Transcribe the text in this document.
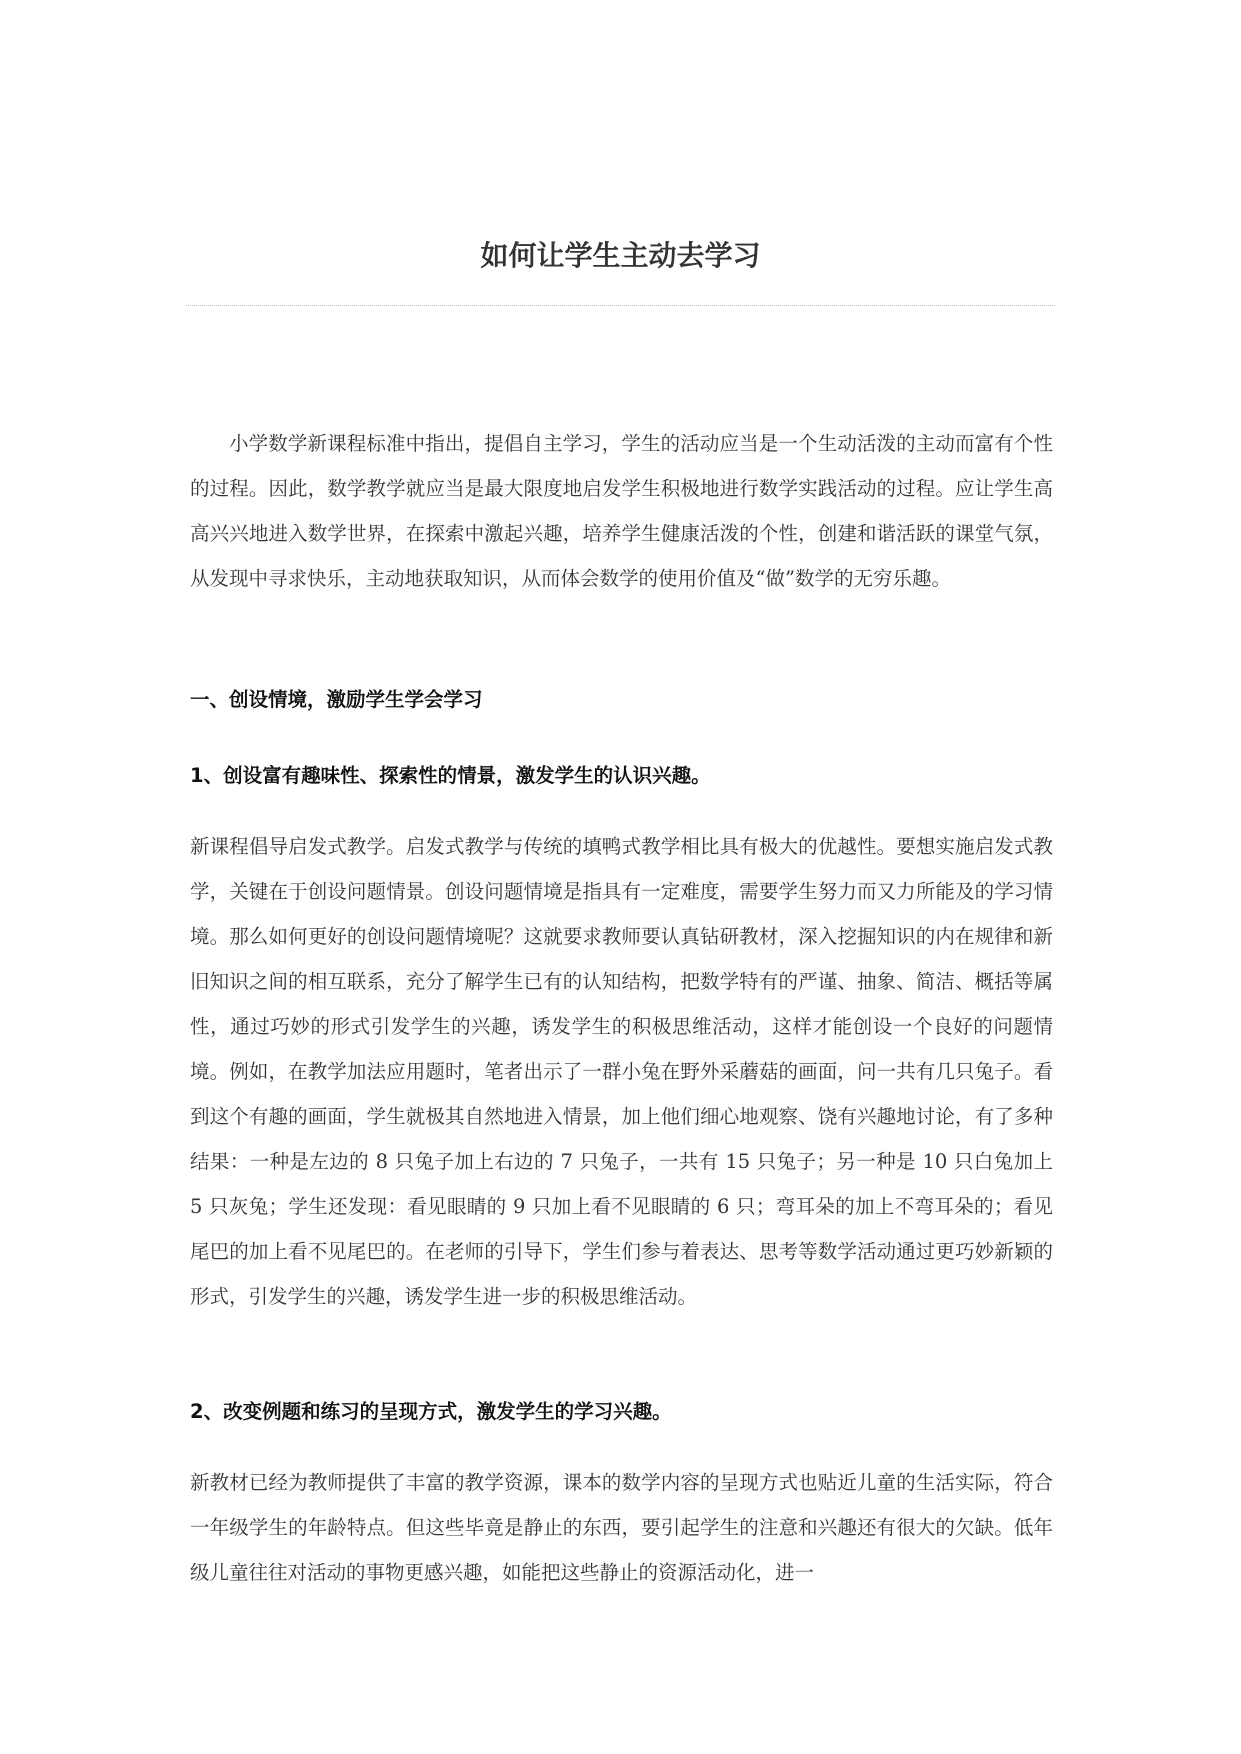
如何让学生主动去学习

小学数学新课程标准中指出，提倡自主学习，学生的活动应当是一个生动活泼的主动而富有个性的过程。因此，数学教学就应当是最大限度地启发学生积极地进行数学实践活动的过程。应让学生高高兴兴地进入数学世界，在探索中激起兴趣，培养学生健康活泼的个性，创建和谐活跃的课堂气氛，从发现中寻求快乐，主动地获取知识，从而体会数学的使用价值及“做”数学的无穷乐趣。

一、创设情境，激励学生学会学习

1、创设富有趣味性、探索性的情景，激发学生的认识兴趣。

新课程倡导启发式教学。启发式教学与传统的填鸭式教学相比具有极大的优越性。要想实施启发式教学，关键在于创设问题情景。创设问题情境是指具有一定难度，需要学生努力而又力所能及的学习情境。那么如何更好的创设问题情境呢？这就要求教师要认真钻研教材，深入挖掘知识的内在规律和新旧知识之间的相互联系，充分了解学生已有的认知结构，把数学特有的严谨、抽象、简洁、概括等属性，通过巧妙的形式引发学生的兴趣，诱发学生的积极思维活动，这样才能创设一个良好的问题情境。例如，在教学加法应用题时，笔者出示了一群小兔在野外采蘑菇的画面，问一共有几只兔子。看到这个有趣的画面，学生就极其自然地进入情景，加上他们细心地观察、饶有兴趣地讨论，有了多种结果：一种是左边的 8 只兔子加上右边的 7 只兔子，一共有 15 只兔子；另一种是 10 只白兔加上 5 只灰兔；学生还发现：看见眼睛的 9 只加上看不见眼睛的 6 只；弯耳朵的加上不弯耳朵的；看见尾巴的加上看不见尾巴的。在老师的引导下，学生们参与着表达、思考等数学活动通过更巧妙新颖的形式，引发学生的兴趣，诱发学生进一步的积极思维活动。

2、改变例题和练习的呈现方式，激发学生的学习兴趣。

新教材已经为教师提供了丰富的教学资源，课本的数学内容的呈现方式也贴近儿童的生活实际，符合一年级学生的年龄特点。但这些毕竟是静止的东西，要引起学生的注意和兴趣还有很大的欠缺。低年级儿童往往对活动的事物更感兴趣，如能把这些静止的资源活动化，进一
